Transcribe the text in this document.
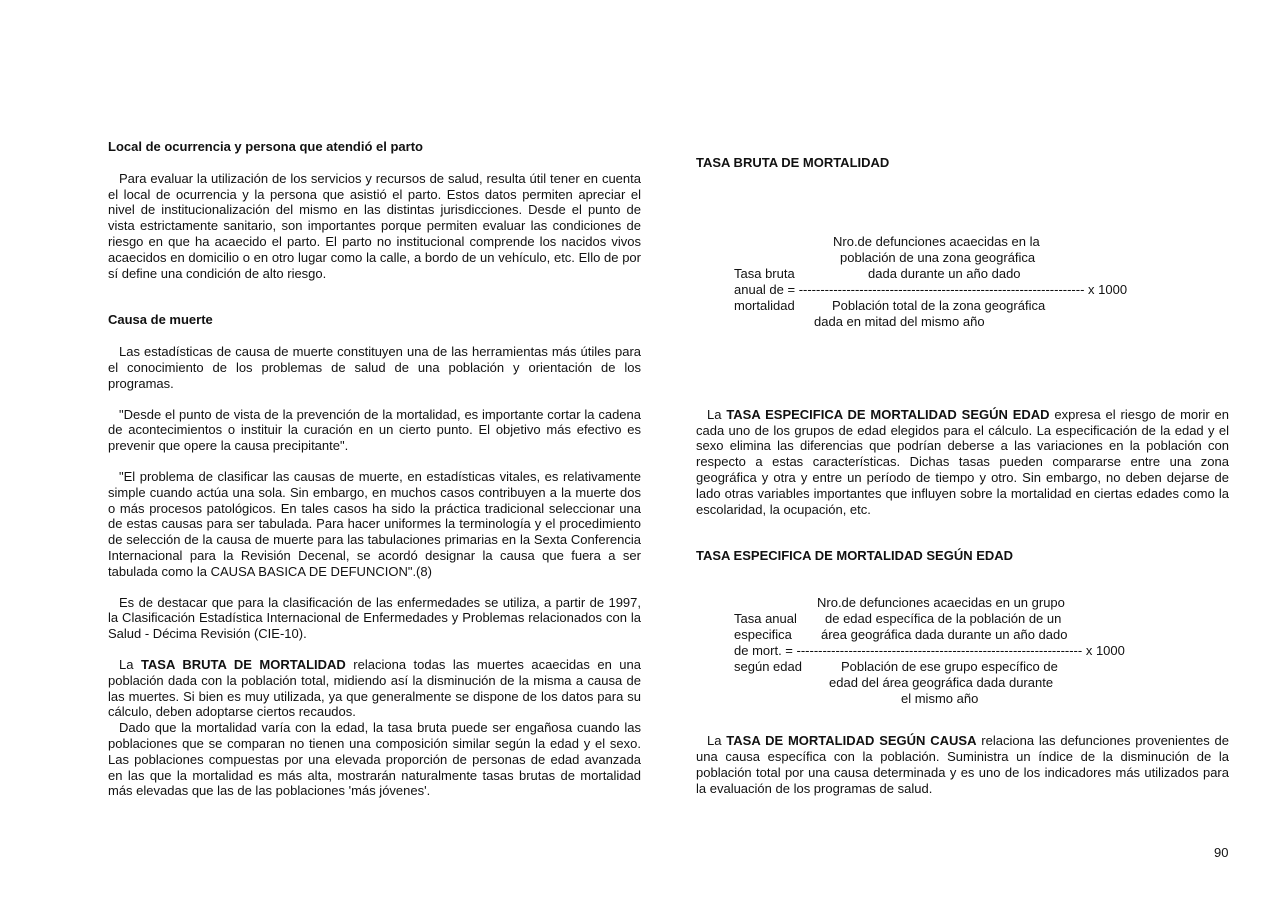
Local de ocurrencia y persona que atendió el parto

Para evaluar la utilización de los servicios y recursos de salud, resulta útil tener en cuenta el local de ocurrencia y la persona que asistió el parto. Estos datos permiten apreciar el nivel de institucionalización del mismo en las distintas jurisdicciones. Desde el punto de vista estrictamente sanitario, son importantes porque permiten evaluar las condiciones de riesgo en que ha acaecido el parto. El parto no institucional comprende los nacidos vivos acaecidos en domicilio o en otro lugar como la calle, a bordo de un vehículo, etc. Ello de por sí define una condición de alto riesgo.

Causa de muerte

Las estadísticas de causa de muerte constituyen una de las herramientas más útiles para el conocimiento de los problemas de salud de una población y orientación de los programas.

"Desde el punto de vista de la prevención de la mortalidad, es importante cortar la cadena de acontecimientos o instituir la curación en un cierto punto. El objetivo más efectivo es prevenir que opere la causa precipitante".

"El problema de clasificar las causas de muerte, en estadísticas vitales, es relativamente simple cuando actúa una sola. Sin embargo, en muchos casos contribuyen a la muerte dos o más procesos patológicos. En tales casos ha sido la práctica tradicional seleccionar una de estas causas para ser tabulada. Para hacer uniformes la terminología y el procedimiento de selección de la causa de muerte para las tabulaciones primarias en la Sexta Conferencia Internacional para la Revisión Decenal, se acordó designar la causa que fuera a ser tabulada como la CAUSA BASICA DE DEFUNCION".(8)

Es de destacar que para la clasificación de las enfermedades se utiliza, a partir de 1997, la Clasificación Estadística Internacional de Enfermedades y Problemas relacionados con la Salud - Décima Revisión (CIE-10).

La TASA BRUTA DE MORTALIDAD relaciona todas las muertes acaecidas en una población dada con la población total, midiendo así la disminución de la misma a causa de las muertes. Si bien es muy utilizada, ya que generalmente se dispone de los datos para su cálculo, deben adoptarse ciertos recaudos.

Dado que la mortalidad varía con la edad, la tasa bruta puede ser engañosa cuando las poblaciones que se comparan no tienen una composición similar según la edad y el sexo. Las poblaciones compuestas por una elevada proporción de personas de edad avanzada en las que la mortalidad es más alta, mostrarán naturalmente tasas brutas de mortalidad más elevadas que las de las poblaciones 'más jóvenes'.

TASA BRUTA DE MORTALIDAD

Nro.de defunciones acaecidas en la
población de una zona geográfica
Tasa bruta	dada durante un año dado
anual de = ------------------------------------------------------------------ x 1000
mortalidad	Población total de la zona geográfica
dada en mitad del mismo año

La TASA ESPECIFICA DE MORTALIDAD SEGÚN EDAD expresa el riesgo de morir en cada uno de los grupos de edad elegidos para el cálculo. La especificación de la edad y el sexo elimina las diferencias que podrían deberse a las variaciones en la población con respecto a estas características. Dichas tasas pueden compararse entre una zona geográfica y otra y entre un período de tiempo y otro. Sin embargo, no deben dejarse de lado otras variables importantes que influyen sobre la mortalidad en ciertas edades como la escolaridad, la ocupación, etc.

TASA ESPECIFICA DE MORTALIDAD SEGÚN EDAD

Nro.de defunciones acaecidas en un grupo
Tasa anual de edad específica de la población de un
especifica área geográfica dada durante un año dado
de mort. = ------------------------------------------------------------------ x 1000
según edad	Población de ese grupo específico de
edad del área geográfica dada durante
el mismo año

La TASA DE MORTALIDAD SEGÚN CAUSA relaciona las defunciones provenientes de una causa específica con la población. Suministra un índice de la disminución de la población total por una causa determinada y es uno de los indicadores más utilizados para la evaluación de los programas de salud.

90
